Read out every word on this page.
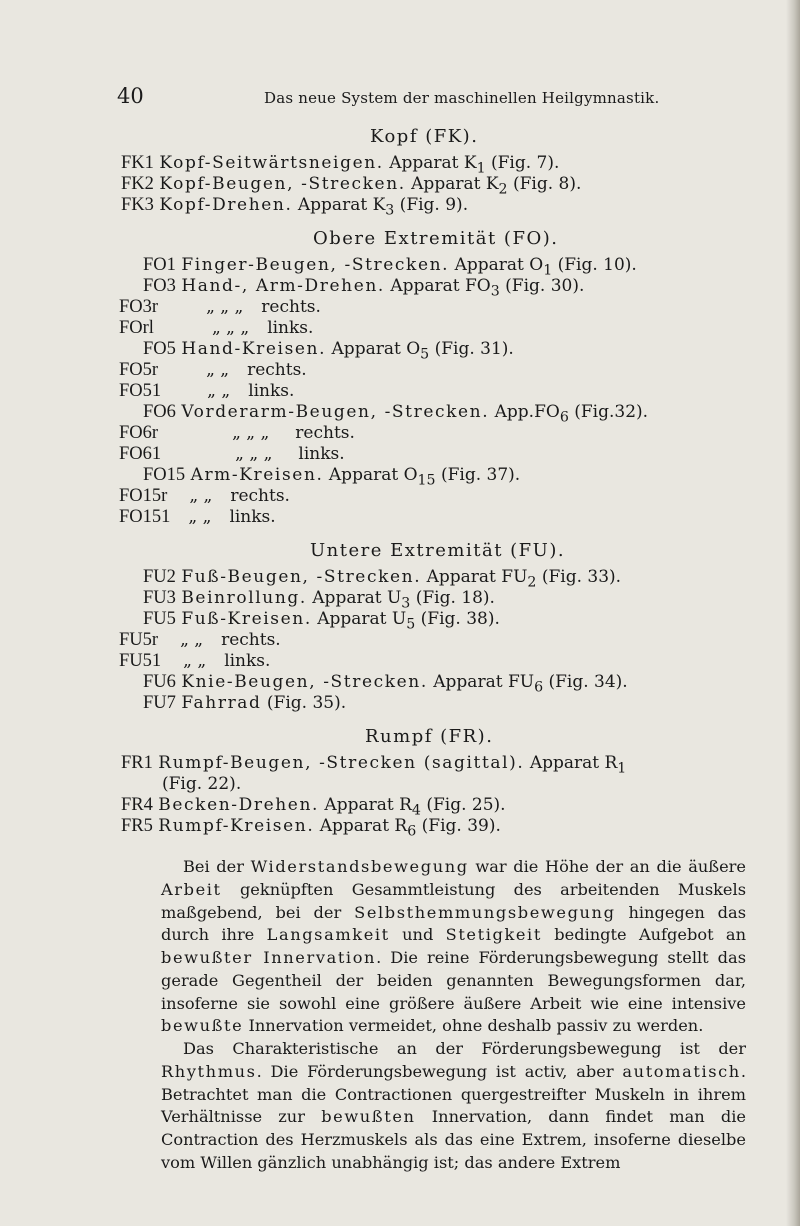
40	Das neue System der maschinellen Heilgymnastik.
Kopf (FK).
FK1 Kopf-Seitwärtsneigen. Apparat $K_1$ (Fig. 7).
FK2 Kopf-Beugen, -Strecken. Apparat $K_2$ (Fig. 8).
FK3 Kopf-Drehen. Apparat $K_3$ (Fig. 9).
Obere Extremität (FO).
FO1 Finger-Beugen, -Strecken. Apparat $O_1$ (Fig. 10).
FO3 Hand-, Arm-Drehen. Apparat $FO_3$ (Fig. 30).
FO3r	„ „ „ rechts.
FOrl	„ „ „ links.
FO5 Hand-Kreisen. Apparat $O_5$ (Fig. 31).
FO5r	„ „ rechts.
FO51	„ „ links.
FO6 Vorderarm-Beugen, -Strecken. $App.FO_6$ (Fig.32).
FO6r	„ „ „ rechts.
FO61	„ „ „ links.
FO15 Arm-Kreisen. Apparat $O_{15}$ (Fig. 37).
FO15r „ „ rechts.
FO151 „ „ links.
Untere Extremität (FU).
FU2 Fuß-Beugen, -Strecken. Apparat $FU_2$ (Fig. 33).
FU3 Beinrollung. Apparat $U_3$ (Fig. 18).
FU5 Fuß-Kreisen. Apparat $U_5$ (Fig. 38).
FU5r „ „ rechts.
FU51 „ „ links.
FU6 Knie-Beugen, -Strecken. Apparat $FU_6$ (Fig. 34).
FU7 Fahrrad (Fig. 35).
Rumpf (FR).
FR1 Rumpf-Beugen, -Strecken (sagittal). Apparat $R_1$
(Fig. 22).
FR4 Becken-Drehen. Apparat $R_4$ (Fig. 25).
FR5 Rumpf-Kreisen. Apparat $R_6$ (Fig. 39).

Bei der Widerstandsbewegung war die Höhe der an die äußere Arbeit geknüpften Gesammtleistung des arbeitenden Muskels maßgebend, bei der Selbsthemmungsbewegung hingegen das durch ihre Langsamkeit und Stetigkeit bedingte Aufgebot an bewußter Innervation. Die reine Förderungsbewegung stellt das gerade Gegentheil der beiden genannten Bewegungsformen dar, insoferne sie sowohl eine größere äußere Arbeit wie eine intensive bewußte Innervation vermeidet, ohne deshalb passiv zu werden.

Das Charakteristische an der Förderungsbewegung ist der Rhythmus. Die Förderungsbewegung ist activ, aber automatisch. Betrachtet man die Contractionen quergestreifter Muskeln in ihrem Verhältnisse zur bewußten Innervation, dann findet man die Contraction des Herzmuskels als das eine Extrem, insoferne dieselbe vom Willen gänzlich unabhängig ist; das andere Extrem
